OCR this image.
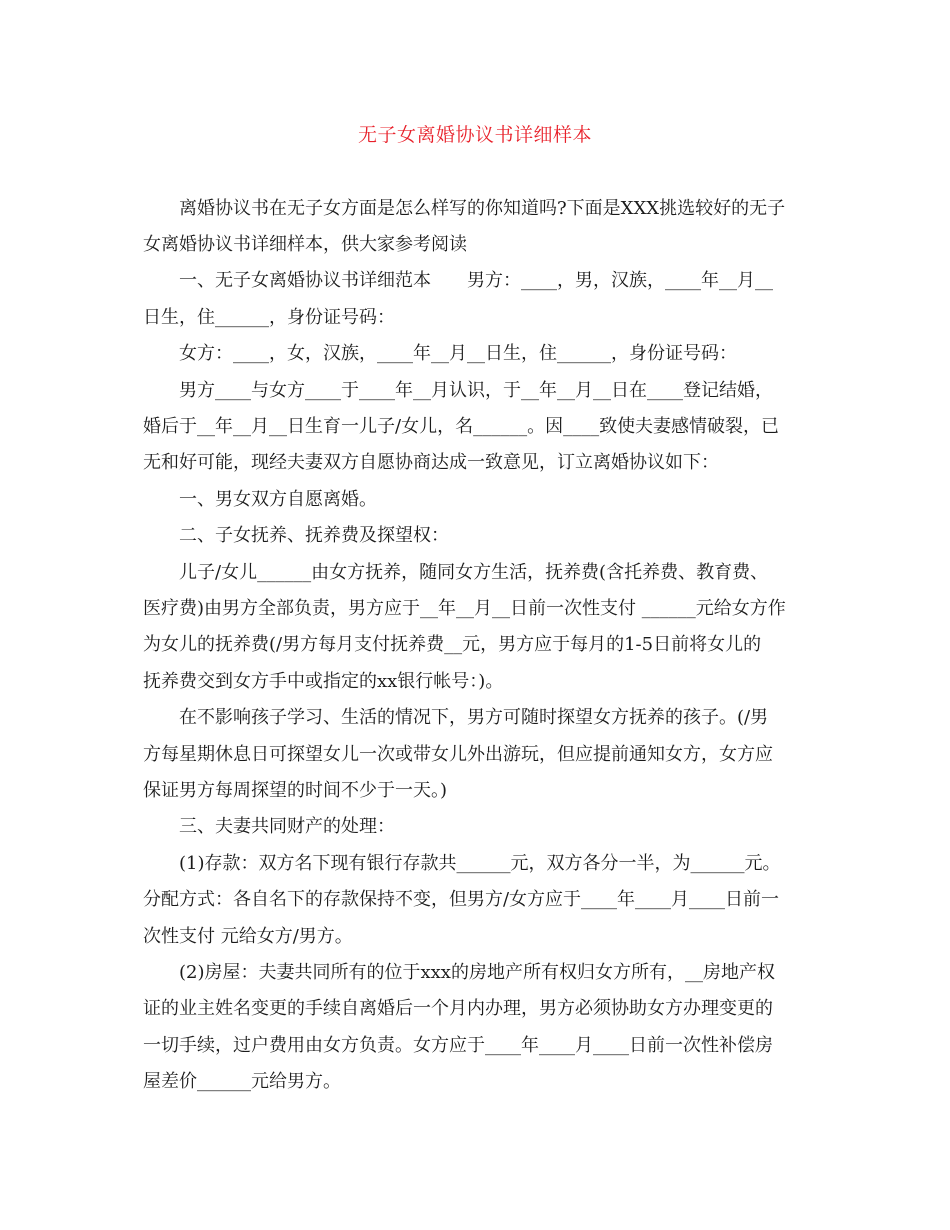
无子女离婚协议书详细样本
离婚协议书在无子女方面是怎么样写的你知道吗?下面是XXX挑选较好的无子
女离婚协议书详细样本，供大家参考阅读
一、无子女离婚协议书详细范本　　男方：____，男，汉族，____年__月__
日生，住______，身份证号码：
女方：____，女，汉族，____年__月__日生，住______，身份证号码：
男方____与女方____于____年__月认识，于__年__月__日在____登记结婚，
婚后于__年__月__日生育一儿子/女儿，名______。因____致使夫妻感情破裂，已
无和好可能，现经夫妻双方自愿协商达成一致意见，订立离婚协议如下：
一、男女双方自愿离婚。
二、子女抚养、抚养费及探望权：
儿子/女儿______由女方抚养，随同女方生活，抚养费(含托养费、教育费、
医疗费)由男方全部负责，男方应于__年__月__日前一次性支付 ______元给女方作
为女儿的抚养费(/男方每月支付抚养费__元，男方应于每月的1-5日前将女儿的
抚养费交到女方手中或指定的xx银行帐号：)。
在不影响孩子学习、生活的情况下，男方可随时探望女方抚养的孩子。(/男
方每星期休息日可探望女儿一次或带女儿外出游玩，但应提前通知女方，女方应
保证男方每周探望的时间不少于一天。)
三、夫妻共同财产的处理：
(1)存款：双方名下现有银行存款共______元，双方各分一半，为______元。
分配方式：各自名下的存款保持不变，但男方/女方应于____年____月____日前一
次性支付 元给女方/男方。
(2)房屋：夫妻共同所有的位于xxx的房地产所有权归女方所有，__房地产权
证的业主姓名变更的手续自离婚后一个月内办理，男方必须协助女方办理变更的
一切手续，过户费用由女方负责。女方应于____年____月____日前一次性补偿房
屋差价______元给男方。
